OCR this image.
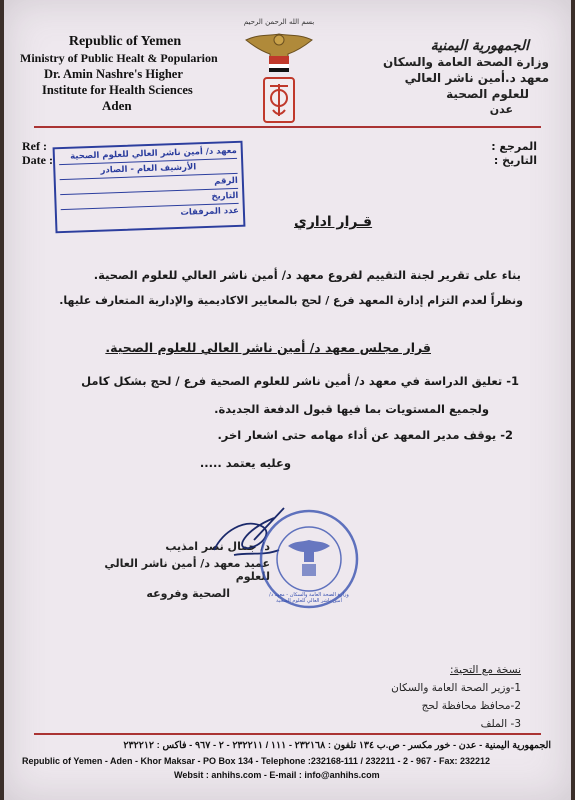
Republic of Yemen
Ministry of Public Healt & Popularion
Dr. Amin Nashre's Higher
Institute for Health Sciences
Aden
بسم الله الرحمن الرحيم
الجمهورية اليمنية
وزارة الصحة العامة والسكان
معهد د.أمين ناشر العالي
للعلوم الصحية
عدن
Ref :
Date :
المرجع :
التاريخ :
معهد د/ أمين ناشر العالي للعلوم الصحية
الأرشيف العام - الصادر
الرقم
التاريخ
عدد المرفقات
قـرار اداري
بناء على تقرير لجنة التقييم لفروع معهد د/ أمين ناشر العالي للعلوم الصحية.
ونظراً لعدم التزام إدارة المعهد فرع / لحج بالمعايير الاكاديمية والإدارية المتعارف عليها.
قرار مجلس معهد د/ أمين ناشر العالي للعلوم الصحية.
1- تعليق الدراسة في معهد د/ أمين ناشر للعلوم الصحية فرع / لحج بشكل كامل
ولجميع المستويات بما فيها قبول الدفعة الجديدة.
2- يوقف مدير المعهد عن أداء مهامه حتى اشعار اخر.
وعليه يعتمد .....
د/ جمال نصر امذيب
عميد معهد د/ أمين ناشر العالي للعلوم
الصحية وفروعه	وزارة الصحة العامة والسكان - معهد د/ أمين ناشر العالي للعلوم الصحية
نسخة مع التحية:
1-وزير الصحة العامة والسكان
2-محافظ محافظة لحج
3- الملف
الجمهورية اليمنية - عدن - خور مكسر - ص.ب ١٣٤ تلفون : ٢٣٢١٦٨ - ١١١ / ٢٣٢٢١١ - ٢ - ٩٦٧ - فاكس : ٢٣٢٢١٢
Republic of Yemen - Aden - Khor Maksar - PO Box 134 - Telephone :232168-111 / 232211 - 2 - 967 - Fax: 232212
Websit : anhihs.com - E-mail : info@anhihs.com
